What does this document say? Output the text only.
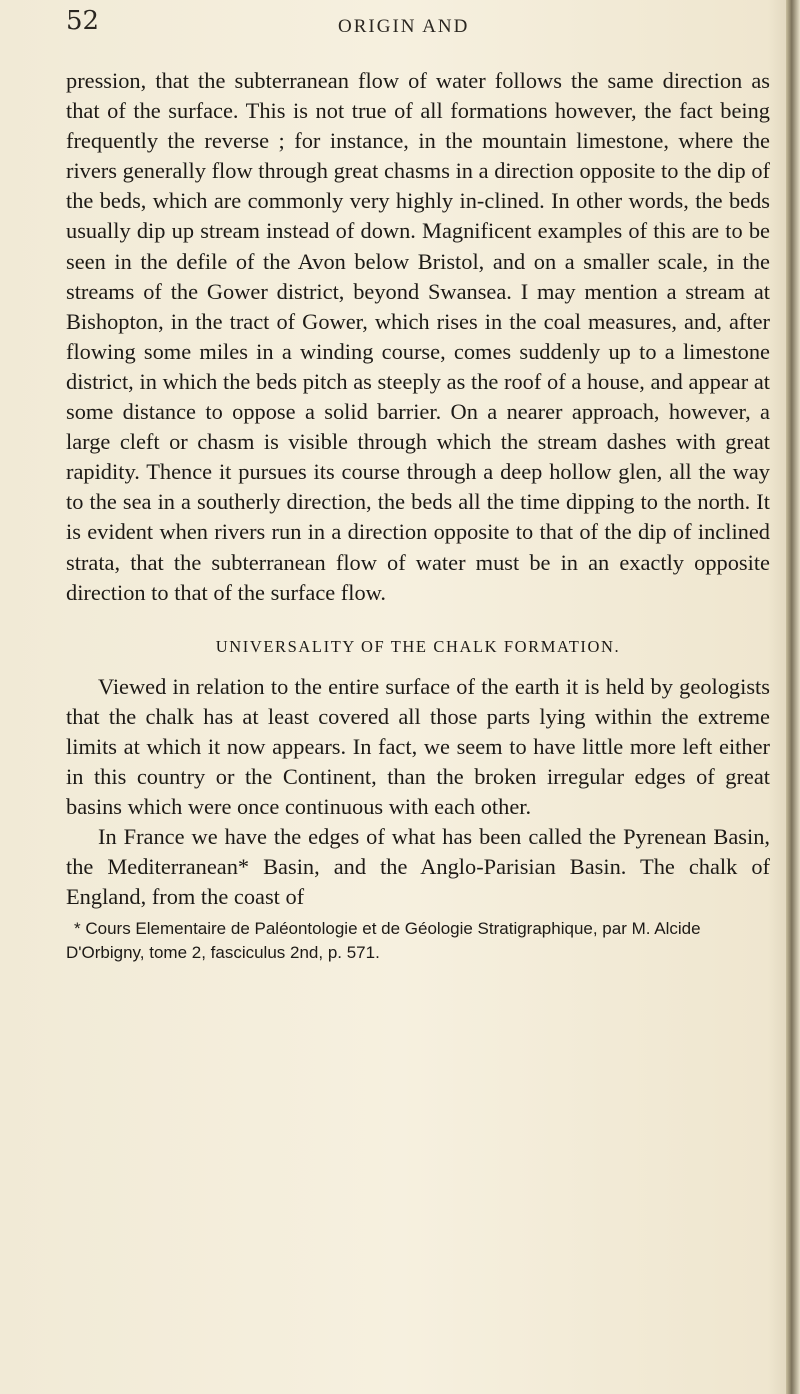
52	ORIGIN AND

pression, that the subterranean flow of water follows the same direction as that of the surface. This is not true of all formations however, the fact being frequently the reverse ; for instance, in the mountain limestone, where the rivers generally flow through great chasms in a direction opposite to the dip of the beds, which are commonly very highly in-clined. In other words, the beds usually dip up stream instead of down. Magnificent examples of this are to be seen in the defile of the Avon below Bristol, and on a smaller scale, in the streams of the Gower district, beyond Swansea. I may mention a stream at Bishopton, in the tract of Gower, which rises in the coal measures, and, after flowing some miles in a winding course, comes suddenly up to a limestone district, in which the beds pitch as steeply as the roof of a house, and appear at some distance to oppose a solid barrier. On a nearer approach, however, a large cleft or chasm is visible through which the stream dashes with great rapidity. Thence it pursues its course through a deep hollow glen, all the way to the sea in a southerly direction, the beds all the time dipping to the north. It is evident when rivers run in a direction opposite to that of the dip of inclined strata, that the subterranean flow of water must be in an exactly opposite direction to that of the surface flow.

UNIVERSALITY OF THE CHALK FORMATION.

Viewed in relation to the entire surface of the earth it is held by geologists that the chalk has at least covered all those parts lying within the extreme limits at which it now appears. In fact, we seem to have little more left either in this country or the Continent, than the broken irregular edges of great basins which were once continuous with each other.

In France we have the edges of what has been called the Pyrenean Basin, the Mediterranean* Basin, and the Anglo-Parisian Basin. The chalk of England, from the coast of

* Cours Elementaire de Paléontologie et de Géologie Stratigraphique, par M. Alcide D'Orbigny, tome 2, fasciculus 2nd, p. 571.
